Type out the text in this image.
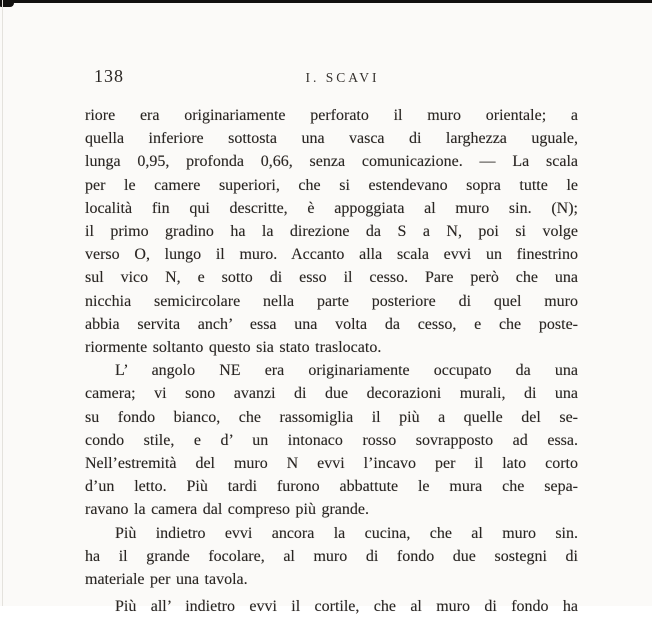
138	I. SCAVI
riore era originariamente perforato il muro orientale; a
quella inferiore sottosta una vasca di larghezza uguale,
lunga 0,95, profonda 0,66, senza comunicazione. — La scala
per le camere superiori, che si estendevano sopra tutte le
località fin qui descritte, è appoggiata al muro sin. (N);
il primo gradino ha la direzione da S a N, poi si volge
verso O, lungo il muro. Accanto alla scala evvi un finestrino
sul vico N, e sotto di esso il cesso. Pare però che una
nicchia semicircolare nella parte posteriore di quel muro
abbia servita anch’ essa una volta da cesso, e che poste-
riormente soltanto questo sia stato traslocato.
L’ angolo NE era originariamente occupato da una
camera; vi sono avanzi di due decorazioni murali, di una
su fondo bianco, che rassomiglia il più a quelle del se-
condo stile, e d’ un intonaco rosso sovrapposto ad essa.
Nell’estremità del muro N evvi l’incavo per il lato corto
d’un letto. Più tardi furono abbattute le mura che sepa-
ravano la camera dal compreso più grande.
Più indietro evvi ancora la cucina, che al muro sin.
ha il grande focolare, al muro di fondo due sostegni di
materiale per una tavola.
Più all’ indietro evvi il cortile, che al muro di fondo ha
